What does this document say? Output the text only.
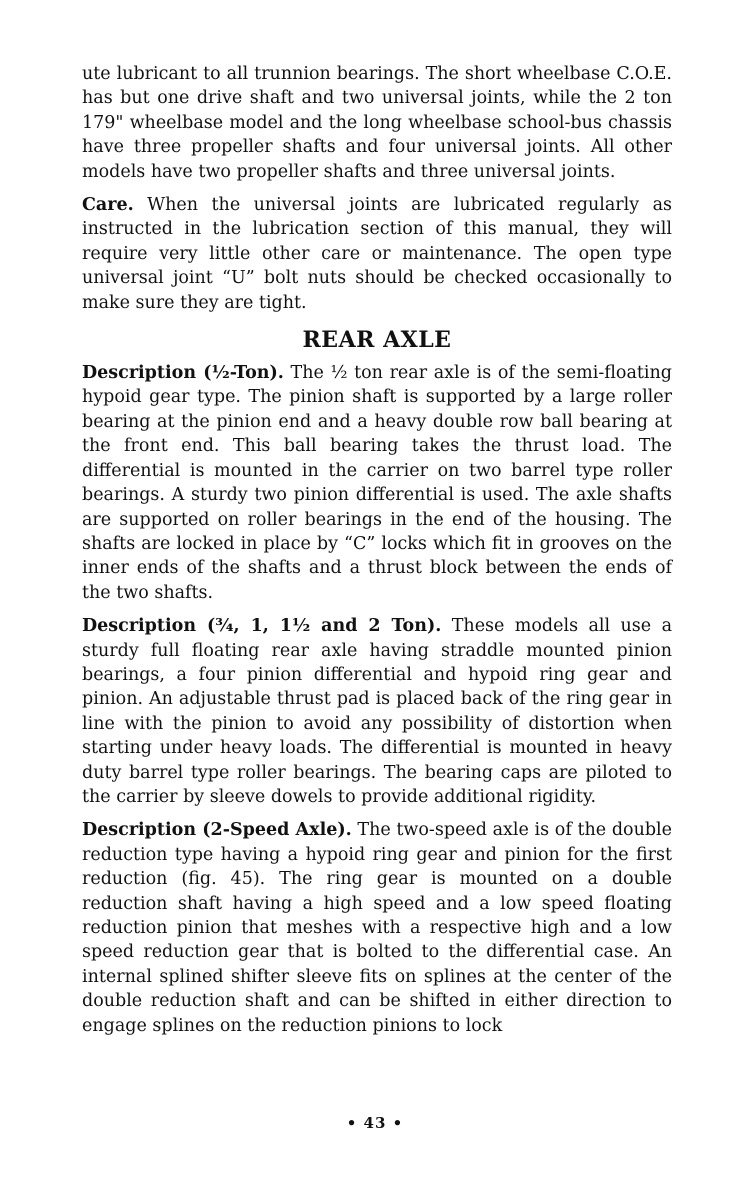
ute lubricant to all trunnion bearings. The short wheelbase C.O.E. has but one drive shaft and two universal joints, while the 2 ton 179" wheelbase model and the long wheelbase school-bus chassis have three propeller shafts and four universal joints. All other models have two propeller shafts and three universal joints.

Care. When the universal joints are lubricated regularly as instructed in the lubrication section of this manual, they will require very little other care or maintenance. The open type universal joint “U” bolt nuts should be checked occasionally to make sure they are tight.

REAR AXLE

Description (½-Ton). The ½ ton rear axle is of the semi-floating hypoid gear type. The pinion shaft is supported by a large roller bearing at the pinion end and a heavy double row ball bearing at the front end. This ball bearing takes the thrust load. The differential is mounted in the carrier on two barrel type roller bearings. A sturdy two pinion differential is used. The axle shafts are supported on roller bearings in the end of the housing. The shafts are locked in place by “C” locks which fit in grooves on the inner ends of the shafts and a thrust block between the ends of the two shafts.

Description (¾, 1, 1½ and 2 Ton). These models all use a sturdy full floating rear axle having straddle mounted pinion bearings, a four pinion differential and hypoid ring gear and pinion. An adjustable thrust pad is placed back of the ring gear in line with the pinion to avoid any possibility of distortion when starting under heavy loads. The differential is mounted in heavy duty barrel type roller bearings. The bearing caps are piloted to the carrier by sleeve dowels to provide additional rigidity.

Description (2-Speed Axle). The two-speed axle is of the double reduction type having a hypoid ring gear and pinion for the first reduction (fig. 45). The ring gear is mounted on a double reduction shaft having a high speed and a low speed floating reduction pinion that meshes with a respective high and a low speed reduction gear that is bolted to the differential case. An internal splined shifter sleeve fits on splines at the center of the double reduction shaft and can be shifted in either direction to engage splines on the reduction pinions to lock

• 43 •
